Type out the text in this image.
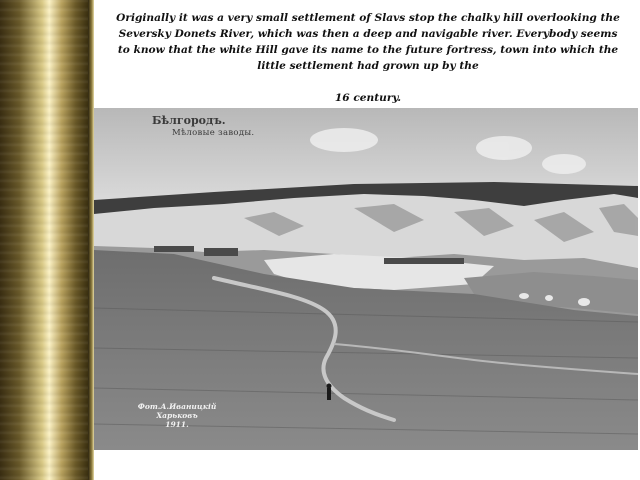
Originally it was a very small settlement of Slavs stop the chalky hill overlooking the Seversky Donets River, which was then a deep and navigable river. Everybody seems to know that the white Hill gave its name to the future fortress, town into which the little settlement had grown up by the

16 century.
Бѣлгородъ.
Мѣловые заводы.
Фот.А.Иваницкій
Харьковъ
1911.
